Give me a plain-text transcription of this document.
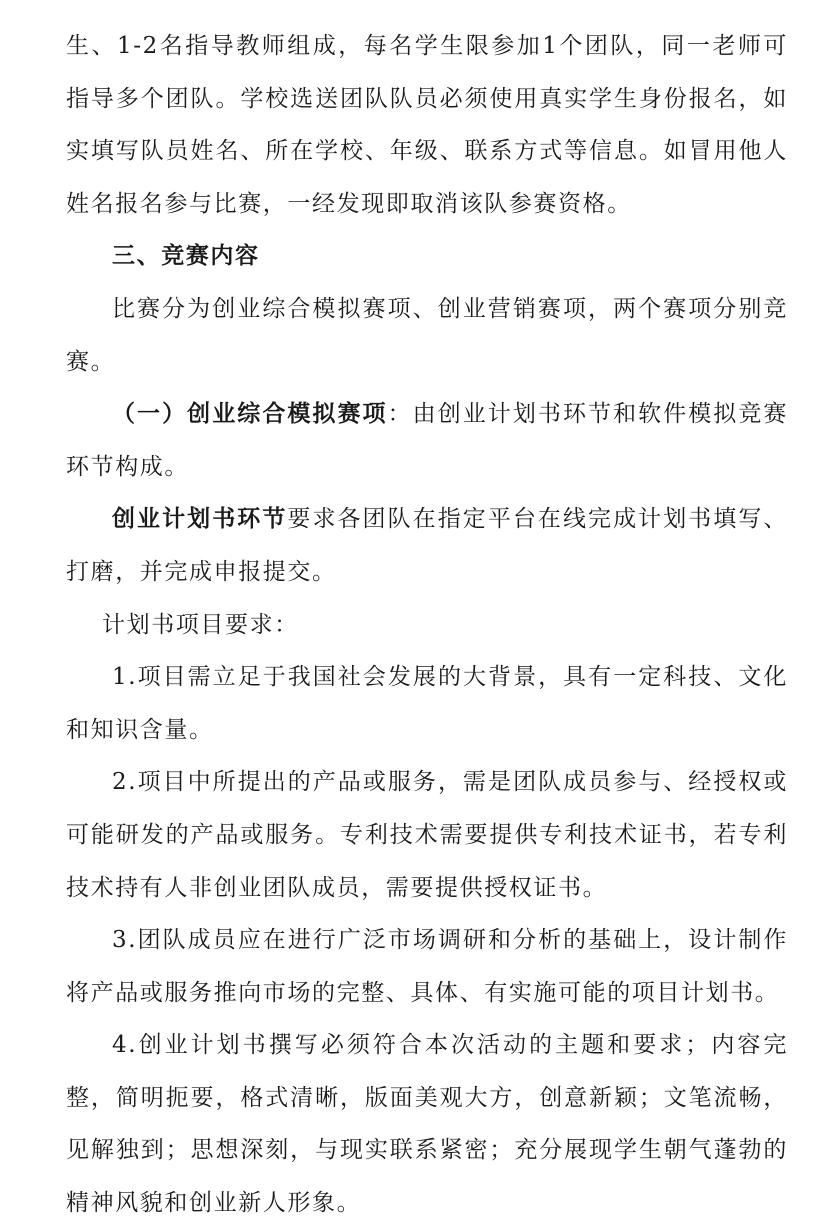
生、1-2名指导教师组成，每名学生限参加1个团队，同一老师可指导多个团队。学校选送团队队员必须使用真实学生身份报名，如实填写队员姓名、所在学校、年级、联系方式等信息。如冒用他人姓名报名参与比赛，一经发现即取消该队参赛资格。

三、竞赛内容

比赛分为创业综合模拟赛项、创业营销赛项，两个赛项分别竞赛。

（一）创业综合模拟赛项：由创业计划书环节和软件模拟竞赛环节构成。

创业计划书环节要求各团队在指定平台在线完成计划书填写、打磨，并完成申报提交。

计划书项目要求：

1.项目需立足于我国社会发展的大背景，具有一定科技、文化和知识含量。

2.项目中所提出的产品或服务，需是团队成员参与、经授权或可能研发的产品或服务。专利技术需要提供专利技术证书，若专利技术持有人非创业团队成员，需要提供授权证书。

3.团队成员应在进行广泛市场调研和分析的基础上，设计制作将产品或服务推向市场的完整、具体、有实施可能的项目计划书。

4.创业计划书撰写必须符合本次活动的主题和要求；内容完整，简明扼要，格式清晰，版面美观大方，创意新颖；文笔流畅，见解独到；思想深刻，与现实联系紧密；充分展现学生朝气蓬勃的精神风貌和创业新人形象。
